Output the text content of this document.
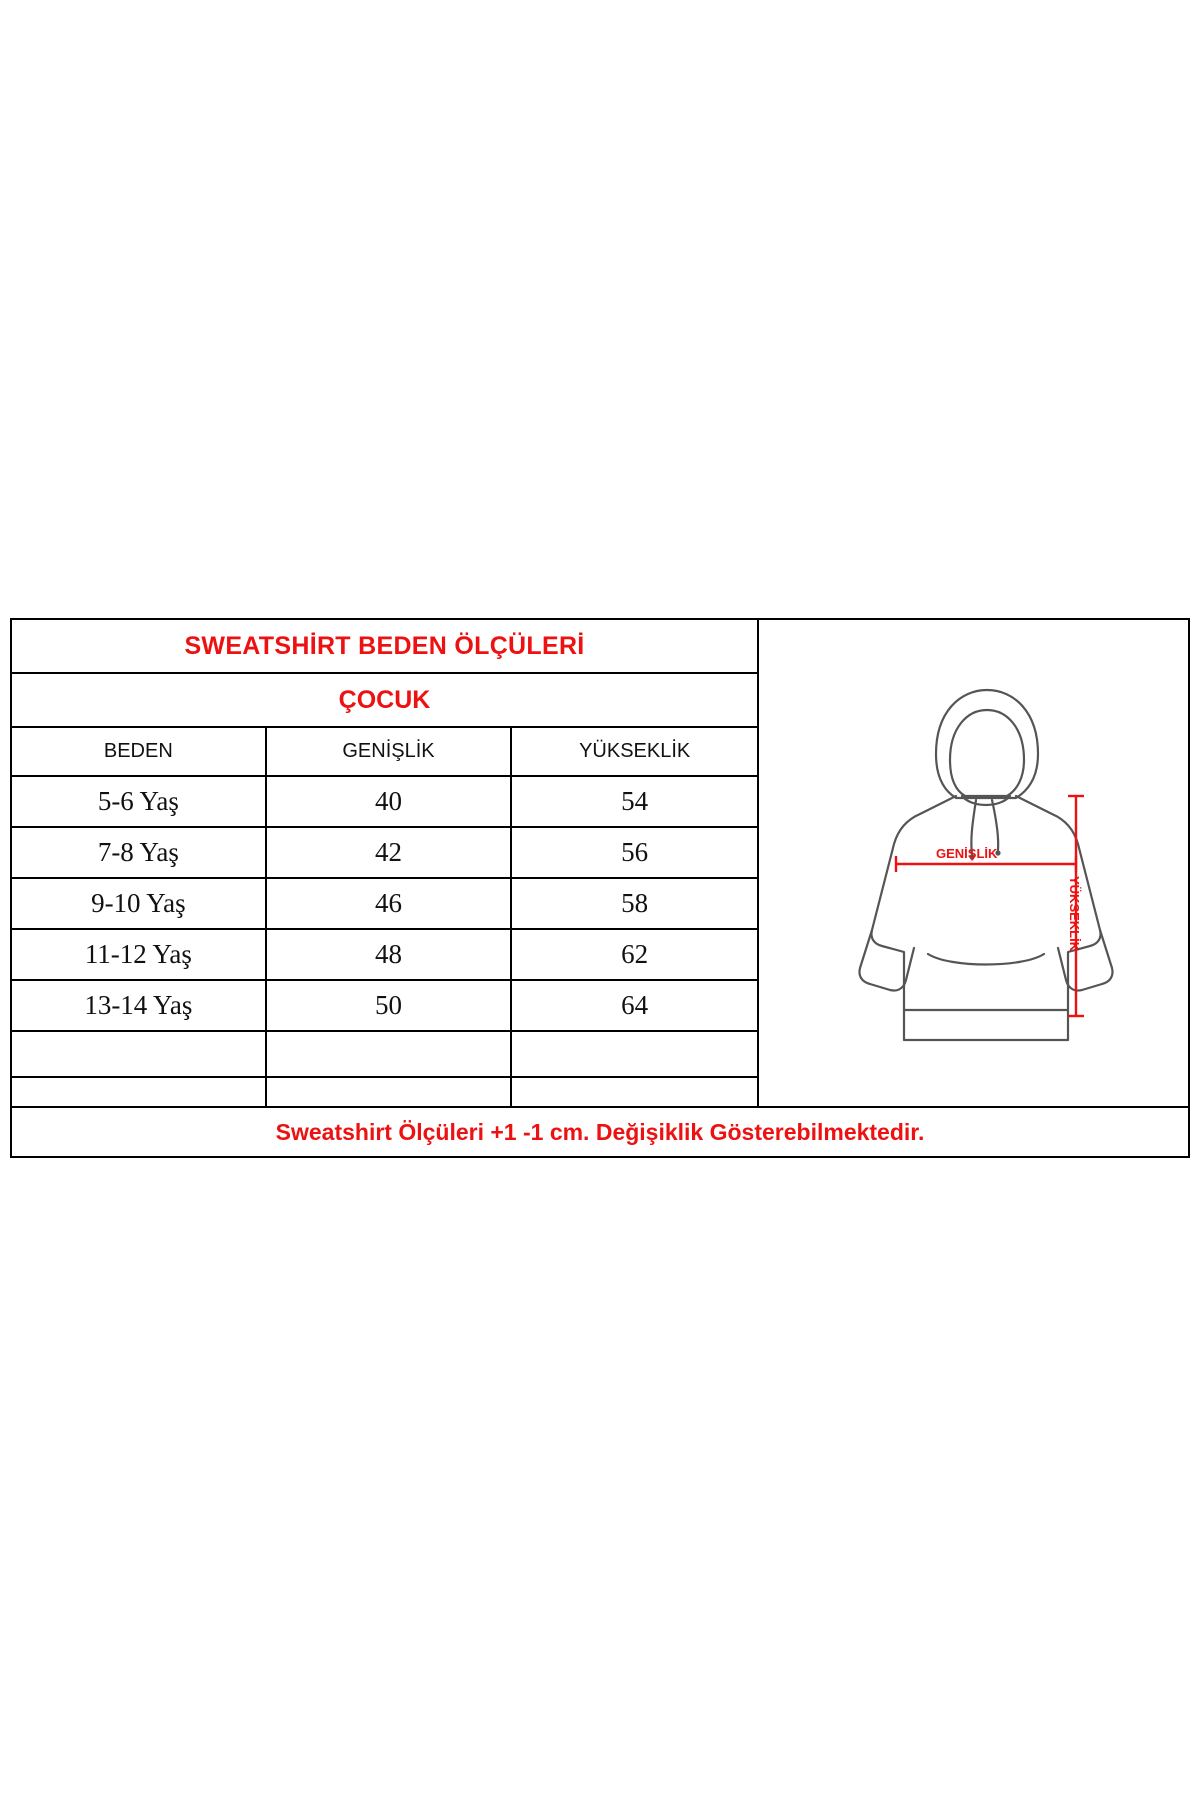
SWEATSHİRT BEDEN ÖLÇÜLERİ
ÇOCUK
BEDEN	GENİŞLİK	YÜKSEKLİK
5-6 Yaş	40	54
7-8 Yaş	42	56
9-10 Yaş	46	58
11-12 Yaş	48	62
13-14 Yaş	50	64

GENİŞLİK
YÜKSEKLİK
Sweatshirt Ölçüleri +1 -1 cm. Değişiklik Gösterebilmektedir.
